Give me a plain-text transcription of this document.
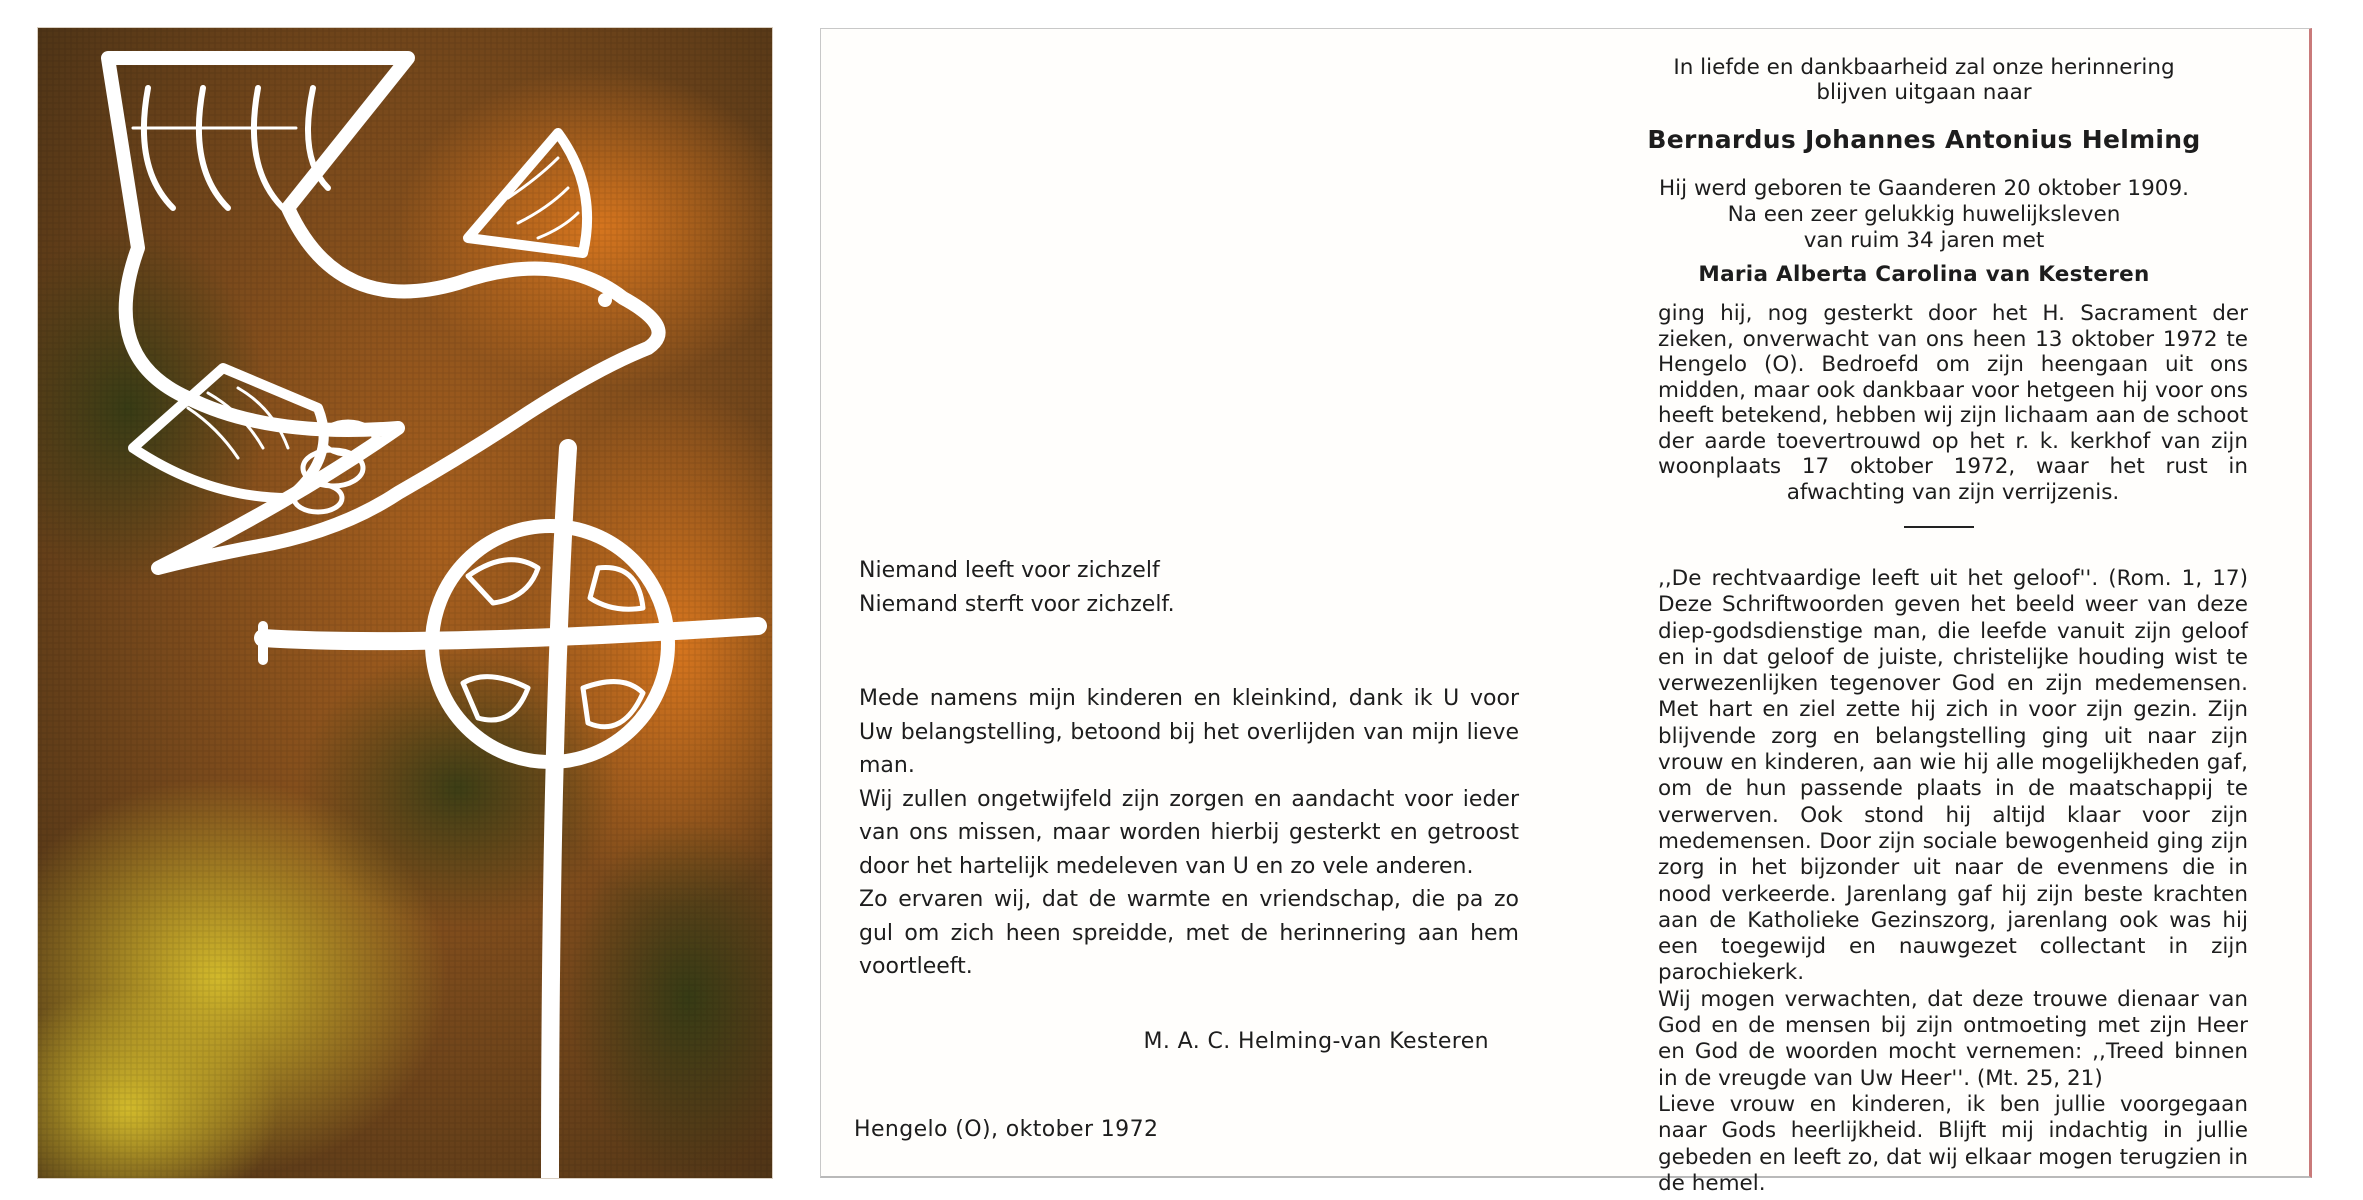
Niemand leeft voor zichzelf

Niemand sterft voor zichzelf.

Mede namens mijn kinderen en kleinkind, dank ik U voor Uw belangstelling, betoond bij het overlijden van mijn lieve man.

Wij zullen ongetwijfeld zijn zorgen en aandacht voor ieder van ons missen, maar worden hierbij gesterkt en getroost door het hartelijk medeleven van U en zo vele anderen.

Zo ervaren wij, dat de warmte en vriendschap, die pa zo gul om zich heen spreidde, met de herinnering aan hem voortleeft.

M. A. C. Helming-van Kesteren
Hengelo (O), oktober 1972
In liefde en dankbaarheid zal onze herinnering
blijven uitgaan naar
Bernardus Johannes Antonius Helming
Hij werd geboren te Gaanderen 20 oktober 1909.
Na een zeer gelukkig huwelijksleven
van ruim 34 jaren met
Maria Alberta Carolina van Kesteren
ging hij, nog gesterkt door het H. Sacrament der zieken, onverwacht van ons heen 13 oktober 1972 te Hengelo (O). Bedroefd om zijn heengaan uit ons midden, maar ook dankbaar voor hetgeen hij voor ons heeft betekend, hebben wij zijn lichaam aan de schoot der aarde toevertrouwd op het r. k. kerkhof van zijn woonplaats 17 oktober 1972, waar het rust in afwachting van zijn verrijzenis.

,,De rechtvaardige leeft uit het geloof''. (Rom. 1, 17) Deze Schriftwoorden geven het beeld weer van deze diep-godsdienstige man, die leefde vanuit zijn geloof en in dat geloof de juiste, christelijke houding wist te verwezenlijken tegenover God en zijn medemensen. Met hart en ziel zette hij zich in voor zijn gezin. Zijn blijvende zorg en belangstelling ging uit naar zijn vrouw en kinderen, aan wie hij alle mogelijkheden gaf, om de hun passende plaats in de maatschappij te verwerven. Ook stond hij altijd klaar voor zijn medemensen. Door zijn sociale bewogenheid ging zijn zorg in het bijzonder uit naar de evenmens die in nood verkeerde. Jarenlang gaf hij zijn beste krachten aan de Katholieke Gezinszorg, jarenlang ook was hij een toegewijd en nauwgezet collectant in zijn parochiekerk.

Wij mogen verwachten, dat deze trouwe dienaar van God en de mensen bij zijn ontmoeting met zijn Heer en God de woorden mocht vernemen: ,,Treed binnen in de vreugde van Uw Heer''. (Mt. 25, 21)

Lieve vrouw en kinderen, ik ben jullie voorgegaan naar Gods heerlijkheid. Blijft mij indachtig in jullie gebeden en leeft zo, dat wij elkaar mogen terugzien in de hemel.
